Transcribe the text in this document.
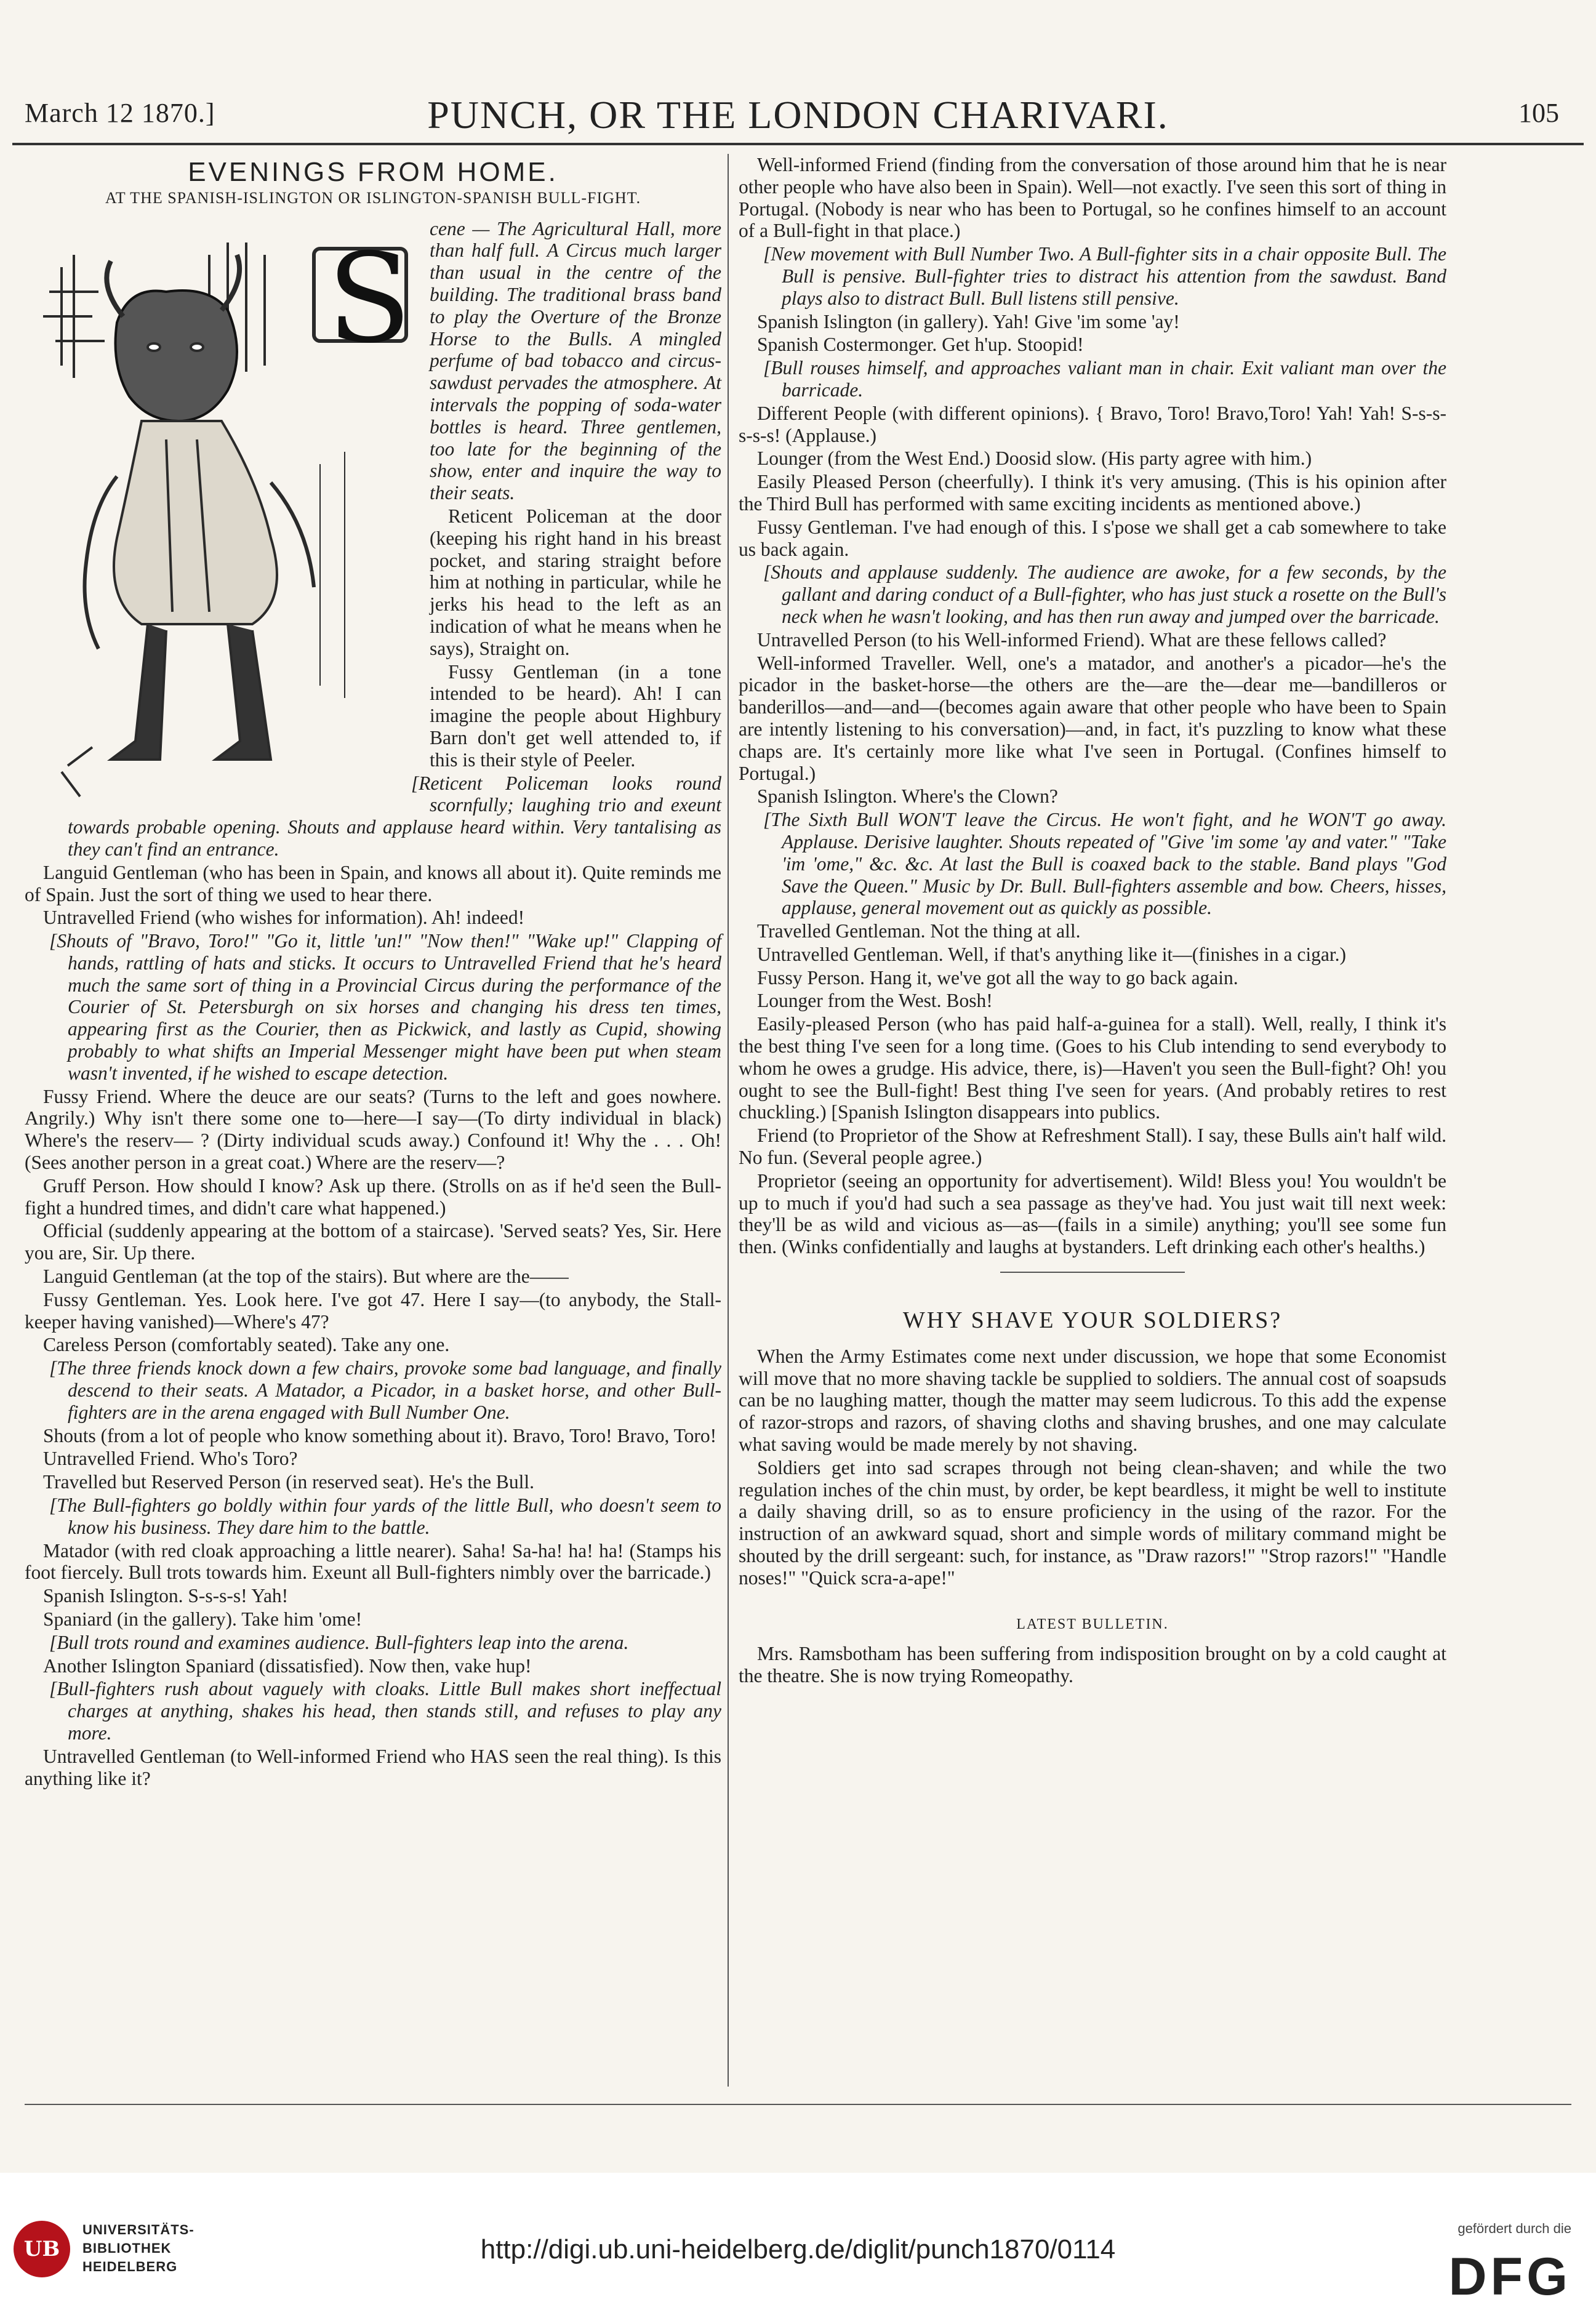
March 12 1870.]	PUNCH, OR THE LONDON CHARIVARI.	105
EVENINGS FROM HOME.
AT THE SPANISH-ISLINGTON OR ISLINGTON-SPANISH BULL-FIGHT.
S cene — The Agricultural Hall, more than half full. A Circus much larger than usual in the centre of the building. The traditional brass band to play the Overture of the Bronze Horse to the Bulls. A mingled perfume of bad tobacco and circus-sawdust pervades the atmosphere. At intervals the popping of soda-water bottles is heard. Three gentlemen, too late for the beginning of the show, enter and inquire the way to their seats.

Reticent Policeman at the door (keeping his right hand in his breast pocket, and staring straight before him at nothing in particular, while he jerks his head to the left as an indication of what he means when he says), Straight on.

Fussy Gentleman (in a tone intended to be heard). Ah! I can imagine the people about Highbury Barn don't get well attended to, if this is their style of Peeler.

[Reticent Policeman looks round scornfully; laughing trio and exeunt towards probable opening. Shouts and applause heard within. Very tantalising as they can't find an entrance.

Languid Gentleman (who has been in Spain, and knows all about it). Quite reminds me of Spain. Just the sort of thing we used to hear there.

Untravelled Friend (who wishes for information). Ah! indeed!

[Shouts of "Bravo, Toro!" "Go it, little 'un!" "Now then!" "Wake up!" Clapping of hands, rattling of hats and sticks. It occurs to Untravelled Friend that he's heard much the same sort of thing in a Provincial Circus during the performance of the Courier of St. Petersburgh on six horses and changing his dress ten times, appearing first as the Courier, then as Pickwick, and lastly as Cupid, showing probably to what shifts an Imperial Messenger might have been put when steam wasn't invented, if he wished to escape detection.

Fussy Friend. Where the deuce are our seats? (Turns to the left and goes nowhere. Angrily.) Why isn't there some one to—here—I say—(To dirty individual in black) Where's the reserv— ? (Dirty individual scuds away.) Confound it! Why the . . . Oh! (Sees another person in a great coat.) Where are the reserv—?

Gruff Person. How should I know? Ask up there. (Strolls on as if he'd seen the Bull-fight a hundred times, and didn't care what happened.)

Official (suddenly appearing at the bottom of a staircase). 'Served seats? Yes, Sir. Here you are, Sir. Up there.

Languid Gentleman (at the top of the stairs). But where are the——

Fussy Gentleman. Yes. Look here. I've got 47. Here I say—(to anybody, the Stall-keeper having vanished)—Where's 47?

Careless Person (comfortably seated). Take any one.

[The three friends knock down a few chairs, provoke some bad language, and finally descend to their seats. A Matador, a Picador, in a basket horse, and other Bull-fighters are in the arena engaged with Bull Number One.

Shouts (from a lot of people who know something about it). Bravo, Toro! Bravo, Toro!

Untravelled Friend. Who's Toro?

Travelled but Reserved Person (in reserved seat). He's the Bull.

[The Bull-fighters go boldly within four yards of the little Bull, who doesn't seem to know his business. They dare him to the battle.

Matador (with red cloak approaching a little nearer). Saha! Sa-ha! ha! ha! (Stamps his foot fiercely. Bull trots towards him. Exeunt all Bull-fighters nimbly over the barricade.)

Spanish Islington. S-s-s-s! Yah!

Spaniard (in the gallery). Take him 'ome!

[Bull trots round and examines audience. Bull-fighters leap into the arena.

Another Islington Spaniard (dissatisfied). Now then, vake hup!

[Bull-fighters rush about vaguely with cloaks. Little Bull makes short ineffectual charges at anything, shakes his head, then stands still, and refuses to play any more.

Untravelled Gentleman (to Well-informed Friend who HAS seen the real thing). Is this anything like it?

Well-informed Friend (finding from the conversation of those around him that he is near other people who have also been in Spain). Well—not exactly. I've seen this sort of thing in Portugal. (Nobody is near who has been to Portugal, so he confines himself to an account of a Bull-fight in that place.)

[New movement with Bull Number Two. A Bull-fighter sits in a chair opposite Bull. The Bull is pensive. Bull-fighter tries to distract his attention from the sawdust. Band plays also to distract Bull. Bull listens still pensive.

Spanish Islington (in gallery). Yah! Give 'im some 'ay!

Spanish Costermonger. Get h'up. Stoopid!

[Bull rouses himself, and approaches valiant man in chair. Exit valiant man over the barricade.

Different People (with different opinions). { Bravo, Toro! Bravo,Toro! Yah! Yah! S-s-s-s-s-s! (Applause.)

Lounger (from the West End.) Doosid slow. (His party agree with him.)

Easily Pleased Person (cheerfully). I think it's very amusing. (This is his opinion after the Third Bull has performed with same exciting incidents as mentioned above.)

Fussy Gentleman. I've had enough of this. I s'pose we shall get a cab somewhere to take us back again.

[Shouts and applause suddenly. The audience are awoke, for a few seconds, by the gallant and daring conduct of a Bull-fighter, who has just stuck a rosette on the Bull's neck when he wasn't looking, and has then run away and jumped over the barricade.

Untravelled Person (to his Well-informed Friend). What are these fellows called?

Well-informed Traveller. Well, one's a matador, and another's a picador—he's the picador in the basket-horse—the others are the—are the—dear me—bandilleros or banderillos—and—and—(becomes again aware that other people who have been to Spain are intently listening to his conversation)—and, in fact, it's puzzling to know what these chaps are. It's certainly more like what I've seen in Portugal. (Confines himself to Portugal.)

Spanish Islington. Where's the Clown?

[The Sixth Bull WON'T leave the Circus. He won't fight, and he WON'T go away. Applause. Derisive laughter. Shouts repeated of "Give 'im some 'ay and vater." "Take 'im 'ome," &c. &c. At last the Bull is coaxed back to the stable. Band plays "God Save the Queen." Music by Dr. Bull. Bull-fighters assemble and bow. Cheers, hisses, applause, general movement out as quickly as possible.

Travelled Gentleman. Not the thing at all.

Untravelled Gentleman. Well, if that's anything like it—(finishes in a cigar.)

Fussy Person. Hang it, we've got all the way to go back again.

Lounger from the West. Bosh!

Easily-pleased Person (who has paid half-a-guinea for a stall). Well, really, I think it's the best thing I've seen for a long time. (Goes to his Club intending to send everybody to whom he owes a grudge. His advice, there, is)—Haven't you seen the Bull-fight? Oh! you ought to see the Bull-fight! Best thing I've seen for years. (And probably retires to rest chuckling.) [Spanish Islington disappears into publics.

Friend (to Proprietor of the Show at Refreshment Stall). I say, these Bulls ain't half wild. No fun. (Several people agree.)

Proprietor (seeing an opportunity for advertisement). Wild! Bless you! You wouldn't be up to much if you'd had such a sea passage as they've had. You just wait till next week: they'll be as wild and vicious as—as—(fails in a simile) anything; you'll see some fun then. (Winks confidentially and laughs at bystanders. Left drinking each other's healths.)

WHY SHAVE YOUR SOLDIERS?

When the Army Estimates come next under discussion, we hope that some Economist will move that no more shaving tackle be supplied to soldiers. The annual cost of soapsuds can be no laughing matter, though the matter may seem ludicrous. To this add the expense of razor-strops and razors, of shaving cloths and shaving brushes, and one may calculate what saving would be made merely by not shaving.

Soldiers get into sad scrapes through not being clean-shaven; and while the two regulation inches of the chin must, by order, be kept beardless, it might be well to institute a daily shaving drill, so as to ensure proficiency in the using of the razor. For the instruction of an awkward squad, short and simple words of military command might be shouted by the drill sergeant: such, for instance, as "Draw razors!" "Strop razors!" "Handle noses!" "Quick scra-a-ape!"

LATEST BULLETIN.

Mrs. Ramsbotham has been suffering from indisposition brought on by a cold caught at the theatre. She is now trying Romeopathy.

UB
UNIVERSITÄTS-
BIBLIOTHEK
HEIDELBERG
http://digi.ub.uni-heidelberg.de/diglit/punch1870/0114
gefördert durch die
DFG
